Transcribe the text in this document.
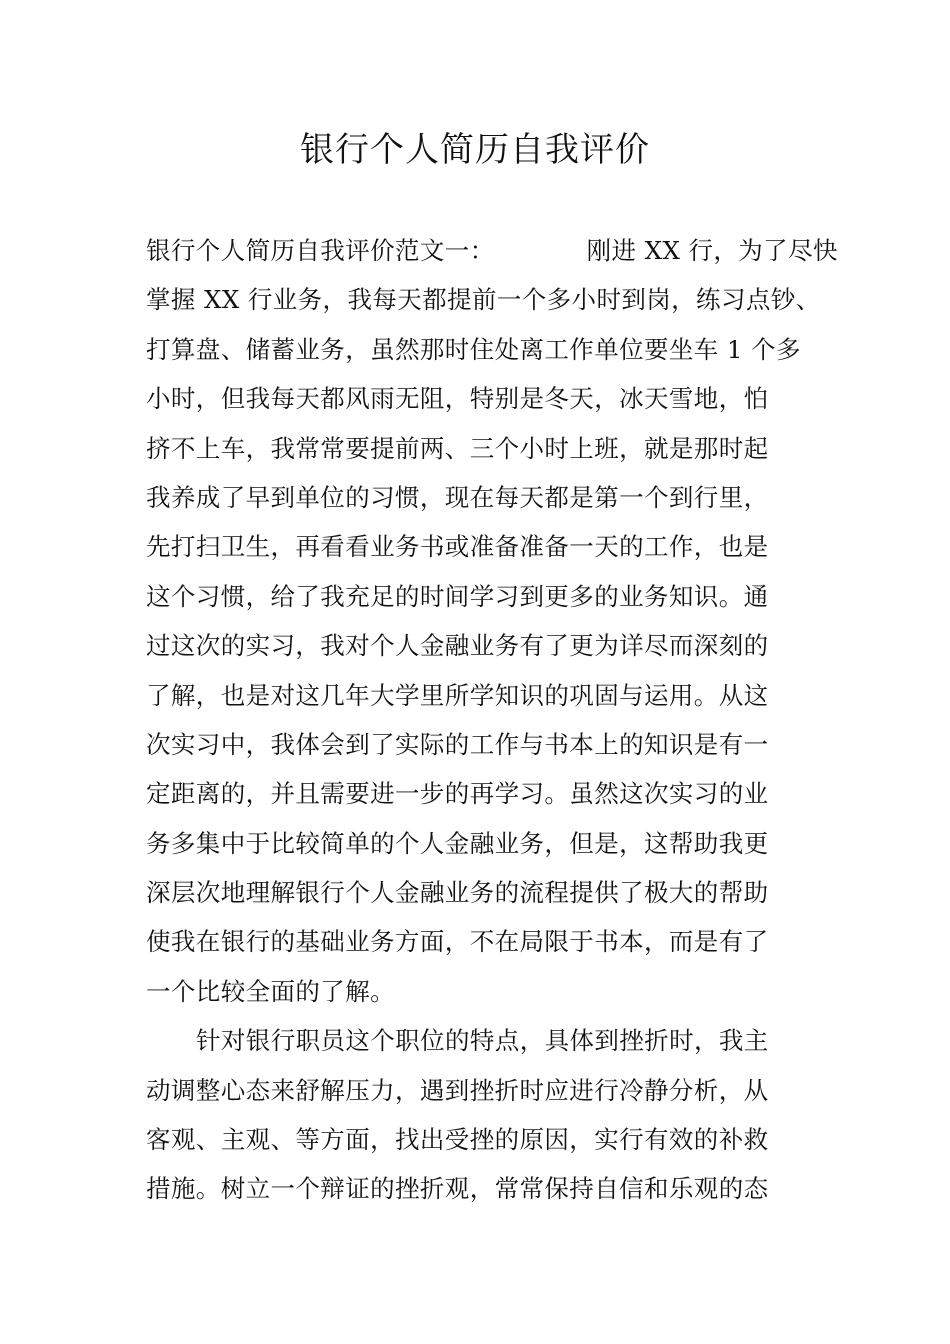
银行个人简历自我评价
银行个人简历自我评价范文一：	刚进 XX 行，为了尽快
掌握 XX 行业务，我每天都提前一个多小时到岗，练习点钞、
打算盘、储蓄业务，虽然那时住处离工作单位要坐车 1 个多
小时，但我每天都风雨无阻，特别是冬天，冰天雪地，怕
挤不上车，我常常要提前两、三个小时上班，就是那时起
我养成了早到单位的习惯，现在每天都是第一个到行里，
先打扫卫生，再看看业务书或准备准备一天的工作，也是
这个习惯，给了我充足的时间学习到更多的业务知识。通
过这次的实习，我对个人金融业务有了更为详尽而深刻的
了解，也是对这几年大学里所学知识的巩固与运用。从这
次实习中，我体会到了实际的工作与书本上的知识是有一
定距离的，并且需要进一步的再学习。虽然这次实习的业
务多集中于比较简单的个人金融业务，但是，这帮助我更
深层次地理解银行个人金融业务的流程提供了极大的帮助
使我在银行的基础业务方面，不在局限于书本，而是有了
一个比较全面的了解。
针对银行职员这个职位的特点，具体到挫折时，我主
动调整心态来舒解压力，遇到挫折时应进行冷静分析，从
客观、主观、等方面，找出受挫的原因，实行有效的补救
措施。树立一个辩证的挫折观，常常保持自信和乐观的态
